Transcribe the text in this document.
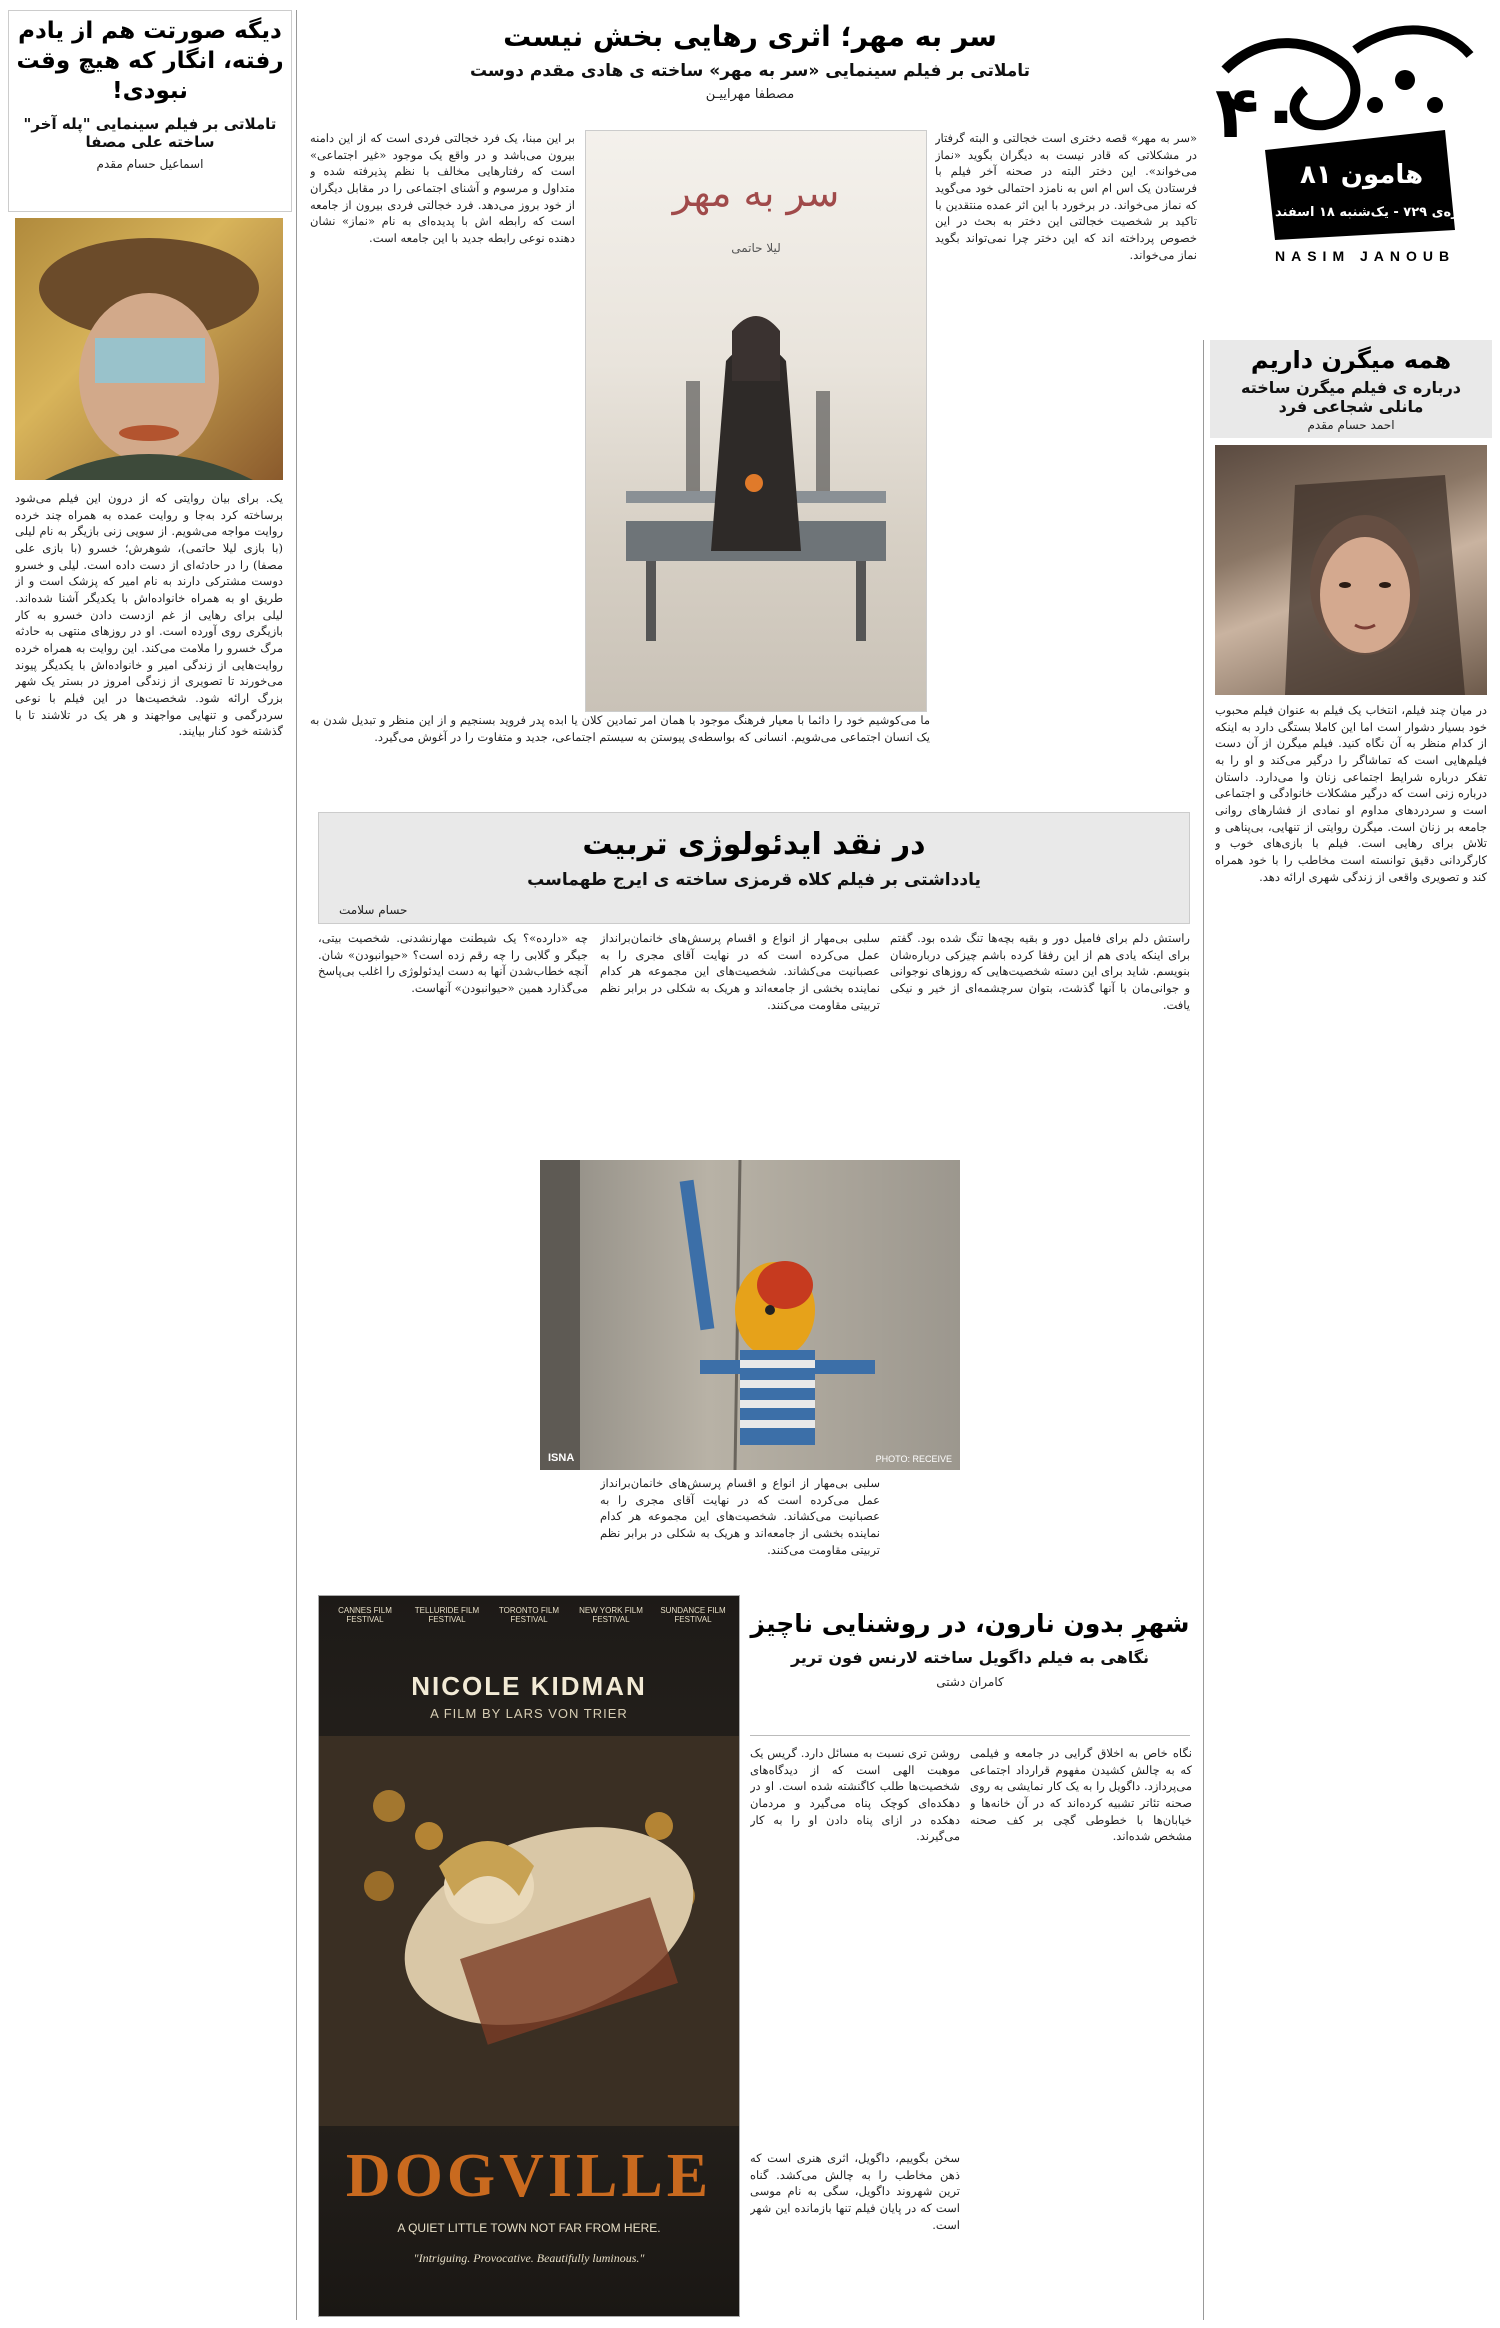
۴۰
هامون ۸۱
شماره‌ی ۷۲۹ - یک‌شنبه ۱۸ اسفند
NASIM JANOUB
همه میگرن داریم
درباره ی فیلم میگرن ساخته مانلی شجاعی فرد
احمد حسام مقدم
در میان چند فیلم، انتخاب یک فیلم به عنوان فیلم محبوب خود بسیار دشوار است اما این کاملا بستگی دارد به اینکه از کدام منظر به آن نگاه کنید. فیلم میگرن از آن دست فیلم‌هایی است که تماشاگر را درگیر می‌کند و او را به تفکر درباره شرایط اجتماعی زنان وا می‌دارد. داستان درباره زنی است که درگیر مشکلات خانوادگی و اجتماعی است و سردردهای مداوم او نمادی از فشارهای روانی جامعه بر زنان است. میگرن روایتی از تنهایی، بی‌پناهی و تلاش برای رهایی است. فیلم با بازی‌های خوب و کارگردانی دقیق توانسته است مخاطب را با خود همراه کند و تصویری واقعی از زندگی شهری ارائه دهد.
دیگه صورتت هم از یادم رفته، انگار که هیچ وقت نبودی!
تاملاتی بر فیلم سینمایی "پله آخر" ساخته علی مصفا
اسماعیل حسام مقدم
یک. برای بیان روایتی که از درون این فیلم می‌شود برساخته‌ کرد به‌جا و روایت عمده به همراه چند خرده روایت مواجه می‌شویم. از سویی زنی بازیگر به نام لیلی (با بازی لیلا حاتمی)، شوهرش؛ خسرو (با بازی علی مصفا) را در حادثه‌ای از دست داده است. لیلی و خسرو دوست مشترکی دارند به نام امیر که پزشک است و از طریق او به همراه خانواده‌اش با یکدیگر آشنا شده‌اند. لیلی برای رهایی از غم ازدست دادن خسرو به کار بازیگری روی آورده است. او در روزهای منتهی به حادثه مرگ خسرو را ملامت می‌کند. این روایت به همراه خرده روایت‌هایی از زندگی امیر و خانواده‌اش با یکدیگر پیوند می‌خورند تا تصویری از زندگی امروز در بستر یک شهر بزرگ ارائه شود. شخصیت‌ها در این فیلم با نوعی سردرگمی و تنهایی مواجهند و هر یک در تلاشند تا با گذشته خود کنار بیایند.
سر به مهر؛ اثری رهایی بخش نیست
تاملاتی بر فیلم سینمایی «سر به مهر» ساخته ی هادی مقدم دوست
مصطفا مهراییـن
«سر به مهر» قصه دختری است خجالتی و البته گرفتار در مشکلاتی که قادر نیست به دیگران بگوید «نماز می‌خواند». این دختر البته در صحنه آخر فیلم با فرستادن یک اس ام اس به نامزد احتمالی خود می‌گوید که نماز می‌خواند. در برخورد با این اثر عمده منتقدین با تاکید بر شخصیت خجالتی این دختر به بحث در این خصوص پرداخته اند که این دختر چرا نمی‌تواند بگوید نماز می‌خواند.
سر به مهر
لیلا حاتمی
بر این مبنا، یک فرد خجالتی فردی است که از این دامنه بیرون می‌باشد و در واقع یک موجود «غیر اجتماعی» است که رفتارهایی مخالف با نظم پذیرفته شده و متداول و مرسوم و آشنای اجتماعی را در مقابل دیگران از خود بروز می‌دهد. فرد خجالتی فردی بیرون از جامعه است که رابطه اش با پدیده‌ای به نام «نماز» نشان دهنده نوعی رابطه جدید با این جامعه است.
ما می‌کوشیم خود را دائما با معیار فرهنگ موجود با همان امر تمادین کلان یا ابده پدر فروید بسنجیم و از این منظر و تبدیل شدن به یک انسان اجتماعی می‌شویم. انسانی که بواسطه‌ی پیوستن به سیستم اجتماعی، جدید و متفاوت را در آغوش می‌گیرد.
در نقد ایدئولوژی تربیت
یادداشتی بر فیلم کلاه قرمزی ساخته ی ایرج طهماسب
حسام سلامت
راستش دلم برای فامیل دور و بقیه بچه‌ها تنگ شده بود. گفتم برای اینکه یادی هم از این رفقا کرده باشم چیزکی درباره‌شان بنویسم. شاید برای این دسته شخصیت‌هایی که روزهای نوجوانی و جوانی‌مان با آنها گذشت، بتوان سرچشمه‌ای از خیر و نیکی یافت.
سلبی بی‌مهار از انواع و اقسام پرسش‌های خانمان‌برانداز عمل می‌کرده است که در نهایت آقای مجری را به عصبانیت می‌کشاند. شخصیت‌های این مجموعه هر کدام نماینده بخشی از جامعه‌اند و هریک به شکلی در برابر نظم تربیتی مقاومت می‌کنند.
چه «دارده»؟ یک شیطنت مهارنشدنی. شخصیت بیتی، جیگر و گلابی را چه رقم زده است؟ «حیوانبودن» شان. آنچه خطاب‌شدن آنها به دست ایدئولوژی را اغلب بی‌پاسخ می‌گذارد همین «حیوانبودن» آنهاست.
ISNA	PHOTO: RECEIVE
سلبی بی‌مهار از انواع و اقسام پرسش‌های خانمان‌برانداز عمل می‌کرده است که در نهایت آقای مجری را به عصبانیت می‌کشاند. شخصیت‌های این مجموعه هر کدام نماینده بخشی از جامعه‌اند و هریک به شکلی در برابر نظم تربیتی مقاومت می‌کنند.
CANNES FILM FESTIVAL
TELLURIDE FILM FESTIVAL
TORONTO FILM FESTIVAL
NEW YORK FILM FESTIVAL
SUNDANCE FILM FESTIVAL
NICOLE KIDMAN
A FILM BY LARS VON TRIER
DOGVILLE
A QUIET LITTLE TOWN NOT FAR FROM HERE.
"Intriguing. Provocative. Beautifully luminous."
شهرِ بدون نارون، در روشنایی ناچیز
نگاهی به فیلم داگویل ساخته لارنس فون تریر
کامران دشتی
نگاه خاص به اخلاق گرایی در جامعه و فیلمی که به چالش کشیدن مفهوم قرارداد اجتماعی می‌پردازد. داگویل را به یک کار نمایشی به روی صحنه تئاتر تشبیه کرده‌اند که در آن خانه‌ها و خیابان‌ها با خطوطی گچی بر کف صحنه مشخص شده‌اند.
روشن تری نسبت به مسائل دارد. گریس یک موهبت الهی است که از دیدگاه‌های شخصیت‌ها طلب کاگنشته شده است. او در دهکده‌ای کوچک پناه می‌گیرد و مردمان دهکده در ازای پناه دادن او را به کار می‌گیرند.
سخن بگوییم، داگویل، اثری هنری است که ذهن مخاطب را به چالش می‌کشد. گناه ترین شهروند داگویل، سگی به نام موسی است که در پایان فیلم تنها بازمانده این شهر است.
